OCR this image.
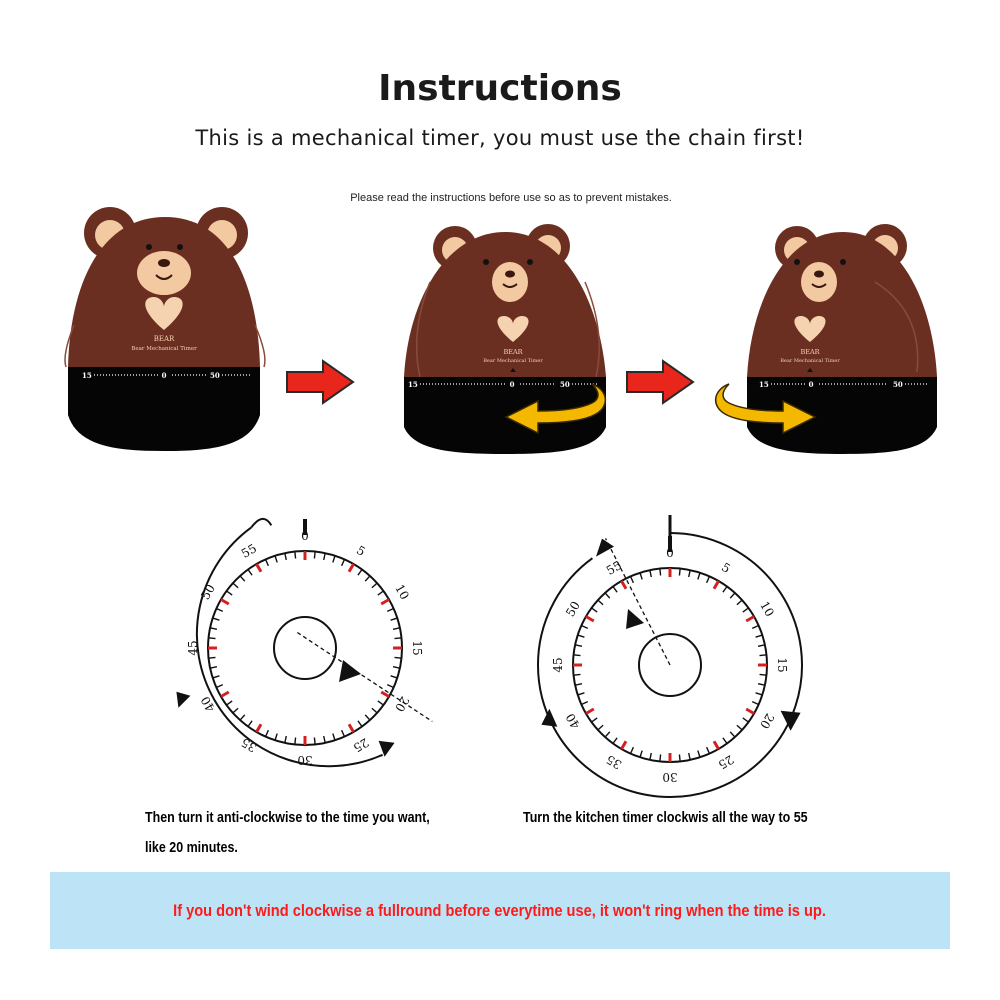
Instructions

This is a mechanical timer, you must use the chain first!

Please read the instructions before use so as to prevent mistakes.

BEAR
Bear Mechanical Timer
15	0	50
BEAR
Bear Mechanical Timer
15	0	50
BEAR
Bear Mechanical Timer
15	0	50
0
5
10
15
20
25
30
35
40
45
50
55	0
5
10
15
20
25
30
35
40
45
50
55
Then turn it anti-clockwise to the time you want,
like 20 minutes.
Turn the kitchen timer clockwis all the way to 55
If you don't wind clockwise a fullround before everytime use, it won't ring when the time is up.
